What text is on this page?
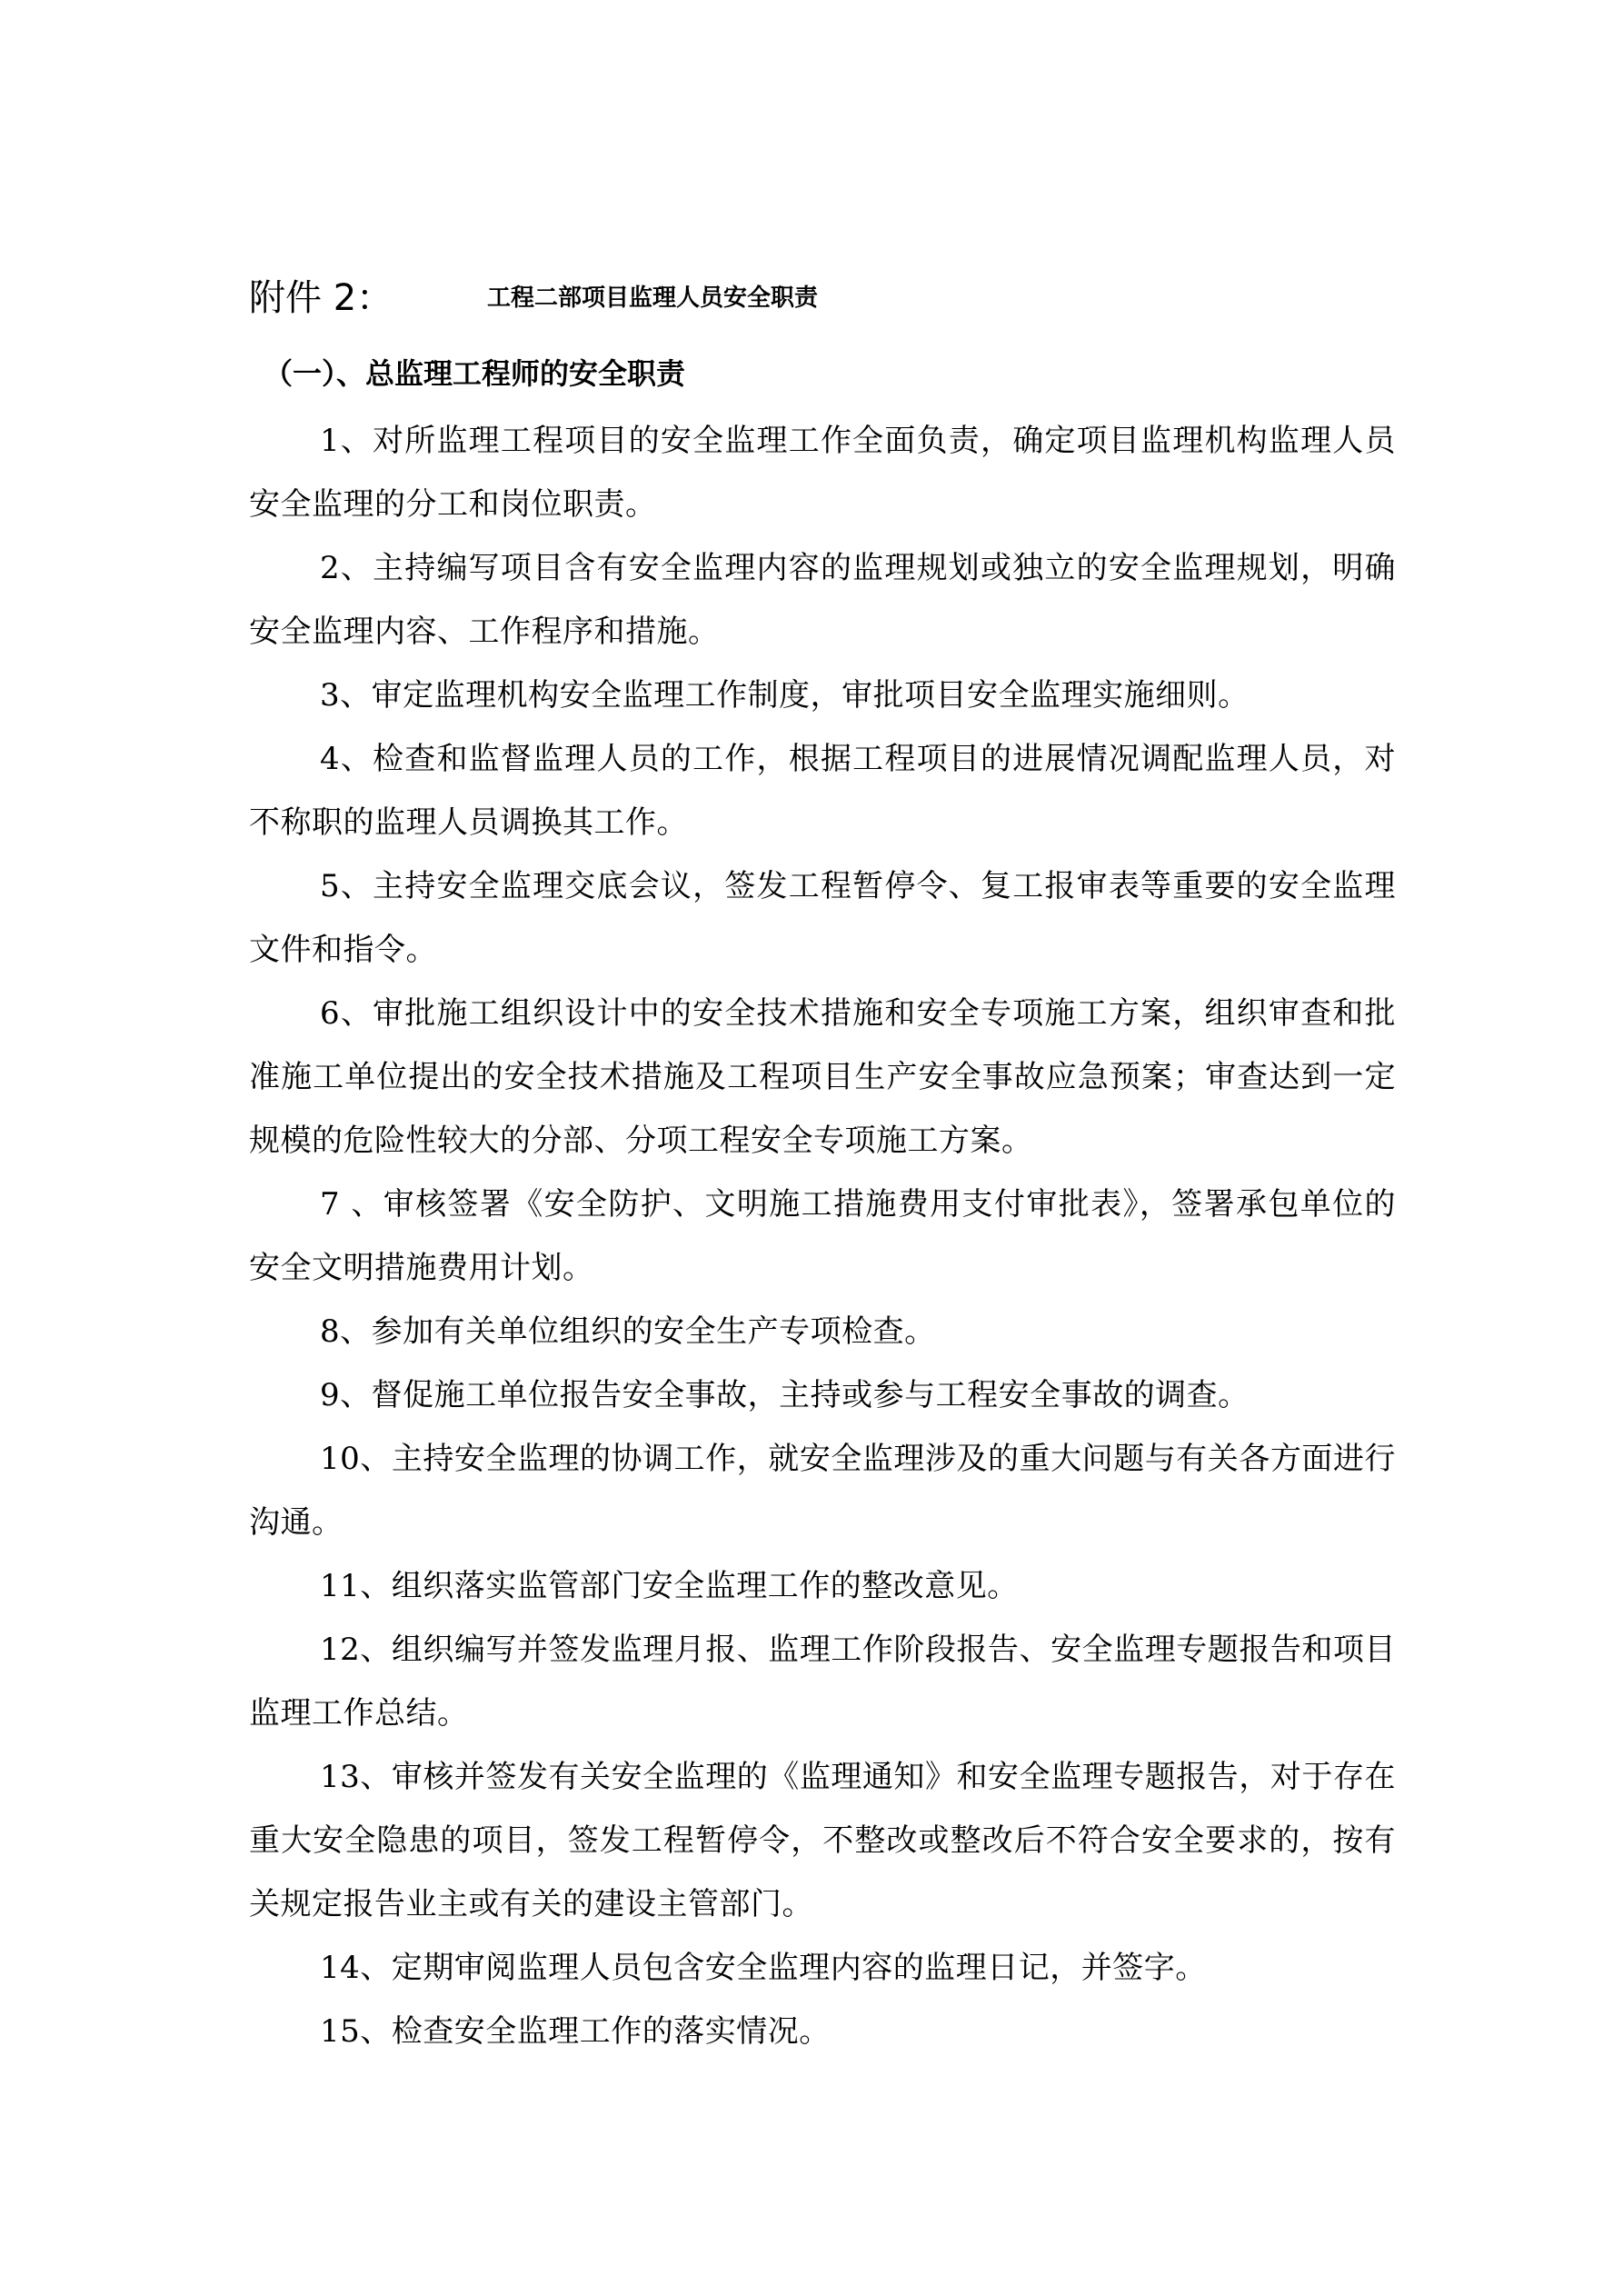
附件 2：	工程二部项目监理人员安全职责
（一）、总监理工程师的安全职责

1、对所监理工程项目的安全监理工作全面负责，确定项目监理机构监理人员安全监理的分工和岗位职责。

2、主持编写项目含有安全监理内容的监理规划或独立的安全监理规划，明确安全监理内容、工作程序和措施。

3、审定监理机构安全监理工作制度，审批项目安全监理实施细则。

4、检查和监督监理人员的工作，根据工程项目的进展情况调配监理人员，对不称职的监理人员调换其工作。

5、主持安全监理交底会议，签发工程暂停令、复工报审表等重要的安全监理文件和指令。

6、审批施工组织设计中的安全技术措施和安全专项施工方案，组织审查和批准施工单位提出的安全技术措施及工程项目生产安全事故应急预案；审查达到一定规模的危险性较大的分部、分项工程安全专项施工方案。

7 、审核签署《安全防护、文明施工措施费用支付审批表》，签署承包单位的安全文明措施费用计划。

8、参加有关单位组织的安全生产专项检查。

9、督促施工单位报告安全事故，主持或参与工程安全事故的调查。

10、主持安全监理的协调工作，就安全监理涉及的重大问题与有关各方面进行沟通。

11、组织落实监管部门安全监理工作的整改意见。

12、组织编写并签发监理月报、监理工作阶段报告、安全监理专题报告和项目监理工作总结。

13、审核并签发有关安全监理的《监理通知》和安全监理专题报告，对于存在重大安全隐患的项目，签发工程暂停令，不整改或整改后不符合安全要求的，按有关规定报告业主或有关的建设主管部门。

14、定期审阅监理人员包含安全监理内容的监理日记，并签字。

15、检查安全监理工作的落实情况。
